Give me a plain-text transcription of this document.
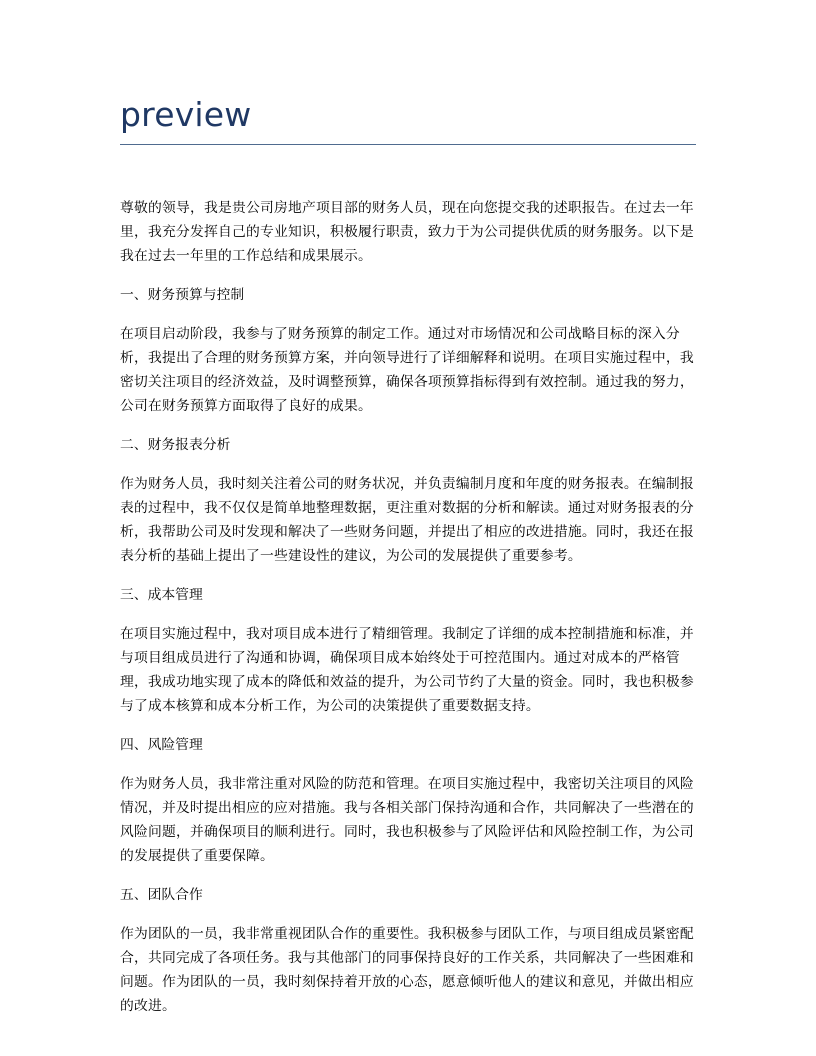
preview

尊敬的领导，我是贵公司房地产项目部的财务人员，现在向您提交我的述职报告。在过去一年里，我充分发挥自己的专业知识，积极履行职责，致力于为公司提供优质的财务服务。以下是我在过去一年里的工作总结和成果展示。

一、财务预算与控制

在项目启动阶段，我参与了财务预算的制定工作。通过对市场情况和公司战略目标的深入分析，我提出了合理的财务预算方案，并向领导进行了详细解释和说明。在项目实施过程中，我密切关注项目的经济效益，及时调整预算，确保各项预算指标得到有效控制。通过我的努力，公司在财务预算方面取得了良好的成果。

二、财务报表分析

作为财务人员，我时刻关注着公司的财务状况，并负责编制月度和年度的财务报表。在编制报表的过程中，我不仅仅是简单地整理数据，更注重对数据的分析和解读。通过对财务报表的分析，我帮助公司及时发现和解决了一些财务问题，并提出了相应的改进措施。同时，我还在报表分析的基础上提出了一些建设性的建议，为公司的发展提供了重要参考。

三、成本管理

在项目实施过程中，我对项目成本进行了精细管理。我制定了详细的成本控制措施和标准，并与项目组成员进行了沟通和协调，确保项目成本始终处于可控范围内。通过对成本的严格管理，我成功地实现了成本的降低和效益的提升，为公司节约了大量的资金。同时，我也积极参与了成本核算和成本分析工作，为公司的决策提供了重要数据支持。

四、风险管理

作为财务人员，我非常注重对风险的防范和管理。在项目实施过程中，我密切关注项目的风险情况，并及时提出相应的应对措施。我与各相关部门保持沟通和合作，共同解决了一些潜在的风险问题，并确保项目的顺利进行。同时，我也积极参与了风险评估和风险控制工作，为公司的发展提供了重要保障。

五、团队合作

作为团队的一员，我非常重视团队合作的重要性。我积极参与团队工作，与项目组成员紧密配合，共同完成了各项任务。我与其他部门的同事保持良好的工作关系，共同解决了一些困难和问题。作为团队的一员，我时刻保持着开放的心态，愿意倾听他人的建议和意见，并做出相应的改进。
